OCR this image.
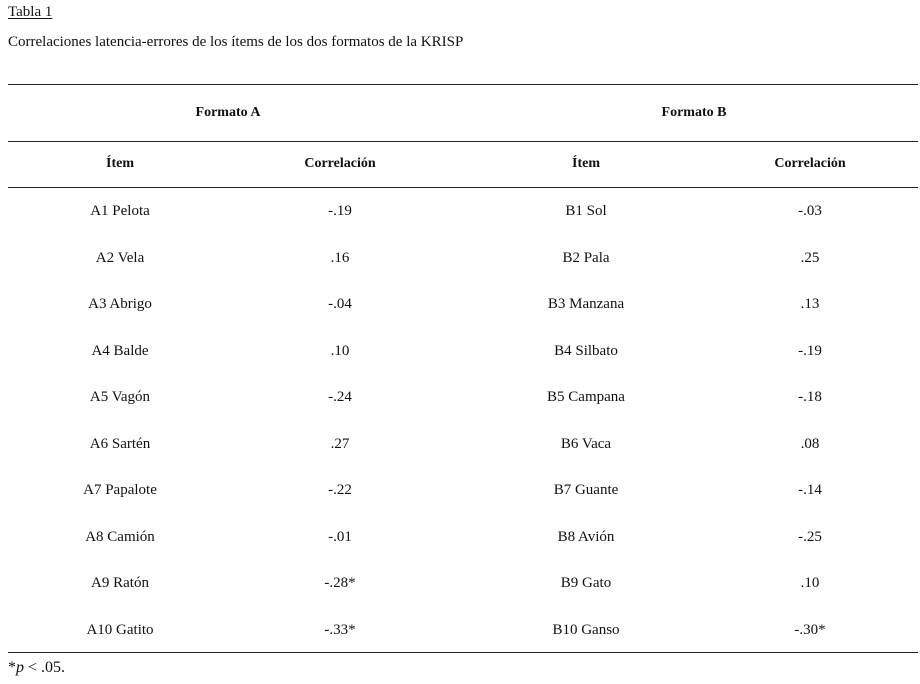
Tabla 1
Correlaciones latencia-errores de los ítems de los dos formatos de la KRISP
Formato A	Formato B
Ítem	Correlación	Ítem	Correlación
A1 Pelota	-.19	B1 Sol	-.03
A2 Vela	.16	B2 Pala	.25
A3 Abrigo	-.04	B3 Manzana	.13
A4 Balde	.10	B4 Silbato	-.19
A5 Vagón	-.24	B5 Campana	-.18
A6 Sartén	.27	B6 Vaca	.08
A7 Papalote	-.22	B7 Guante	-.14
A8 Camión	-.01	B8 Avión	-.25
A9 Ratón	-.28*	B9 Gato	.10
A10 Gatito	-.33*	B10 Ganso	-.30*
*p < .05.
